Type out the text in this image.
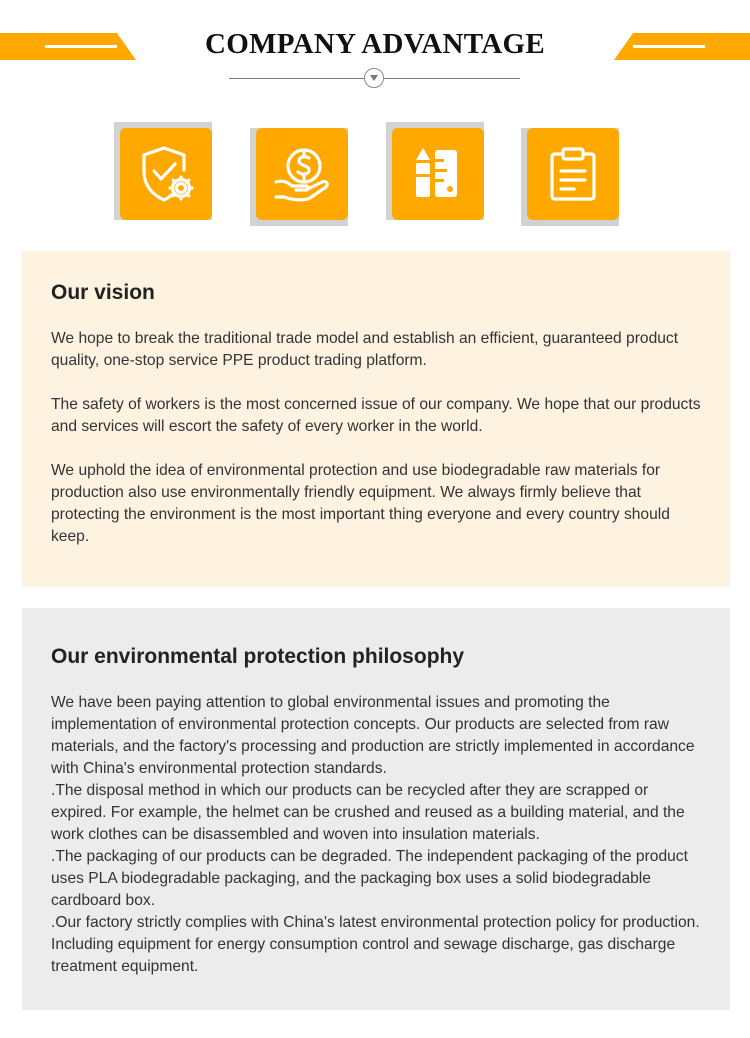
COMPANY ADVANTAGE
Our vision

We hope to break the traditional trade model and establish an efficient, guaranteed product quality, one-stop service PPE product trading platform.

The safety of workers is the most concerned issue of our company. We hope that our products and services will escort the safety of every worker in the world.

We uphold the idea of environmental protection and use biodegradable raw materials for production also use environmentally friendly equipment. We always firmly believe that protecting the environment is the most important thing everyone and every country should keep.

Our environmental protection philosophy

We have been paying attention to global environmental issues and promoting the implementation of environmental protection concepts. Our products are selected from raw materials, and the factory's processing and production are strictly implemented in accordance with China's environmental protection standards.

.The disposal method in which our products can be recycled after they are scrapped or expired. For example, the helmet can be crushed and reused as a building material, and the work clothes can be disassembled and woven into insulation materials.

.The packaging of our products can be degraded. The independent packaging of the product uses PLA biodegradable packaging, and the packaging box uses a solid biodegradable cardboard box.

.Our factory strictly complies with China's latest environmental protection policy for production. Including equipment for energy consumption control and sewage discharge, gas discharge treatment equipment.
